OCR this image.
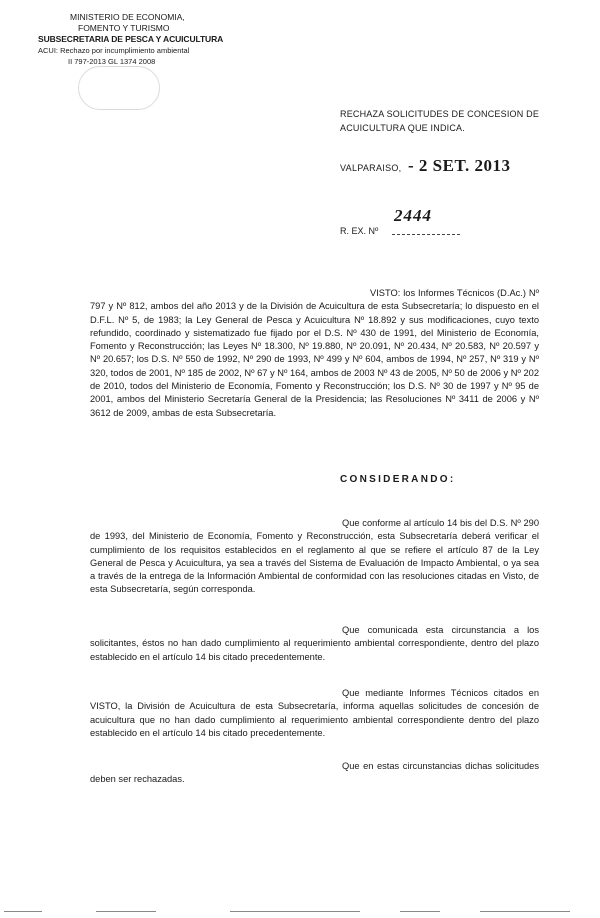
MINISTERIO DE ECONOMIA,
FOMENTO Y TURISMO
SUBSECRETARIA DE PESCA Y ACUICULTURA
ACUI: Rechazo por incumplimiento ambiental
II 797-2013 GL 1374 2008
RECHAZA SOLICITUDES DE CONCESION DE ACUICULTURA QUE INDICA.
VALPARAISO, - 2 SET. 2013
2444
R. EX. Nº
VISTO: los Informes Técnicos (D.Ac.) Nº 797 y Nº 812, ambos del año 2013 y de la División de Acuicultura de esta Subsecretaría; lo dispuesto en el D.F.L. Nº 5, de 1983; la Ley General de Pesca y Acuicultura Nº 18.892 y sus modificaciones, cuyo texto refundido, coordinado y sistematizado fue fijado por el D.S. Nº 430 de 1991, del Ministerio de Economía, Fomento y Reconstrucción; las Leyes Nº 18.300, Nº 19.880, Nº 20.091, Nº 20.434, Nº 20.583, Nº 20.597 y Nº 20.657; los D.S. Nº 550 de 1992, Nº 290 de 1993, Nº 499 y Nº 604, ambos de 1994, Nº 257, Nº 319 y Nº 320, todos de 2001, Nº 185 de 2002, Nº 67 y Nº 164, ambos de 2003 Nº 43 de 2005, Nº 50 de 2006 y Nº 202 de 2010, todos del Ministerio de Economía, Fomento y Reconstrucción; los D.S. Nº 30 de 1997 y Nº 95 de 2001, ambos del Ministerio Secretaría General de la Presidencia; las Resoluciones Nº 3411 de 2006 y Nº 3612 de 2009, ambas de esta Subsecretaría.
CONSIDERANDO:
Que conforme al artículo 14 bis del D.S. Nº 290 de 1993, del Ministerio de Economía, Fomento y Reconstrucción, esta Subsecretaría deberá verificar el cumplimiento de los requisitos establecidos en el reglamento al que se refiere el artículo 87 de la Ley General de Pesca y Acuicultura, ya sea a través del Sistema de Evaluación de Impacto Ambiental, o ya sea a través de la entrega de la Información Ambiental de conformidad con las resoluciones citadas en Visto, de esta Subsecretaría, según corresponda.
Que comunicada esta circunstancia a los solicitantes, éstos no han dado cumplimiento al requerimiento ambiental correspondiente, dentro del plazo establecido en el artículo 14 bis citado precedentemente.
Que mediante Informes Técnicos citados en VISTO, la División de Acuicultura de esta Subsecretaría, informa aquellas solicitudes de concesión de acuicultura que no han dado cumplimiento al requerimiento ambiental correspondiente dentro del plazo establecido en el artículo 14 bis citado precedentemente.
Que en estas circunstancias dichas solicitudes deben ser rechazadas.
